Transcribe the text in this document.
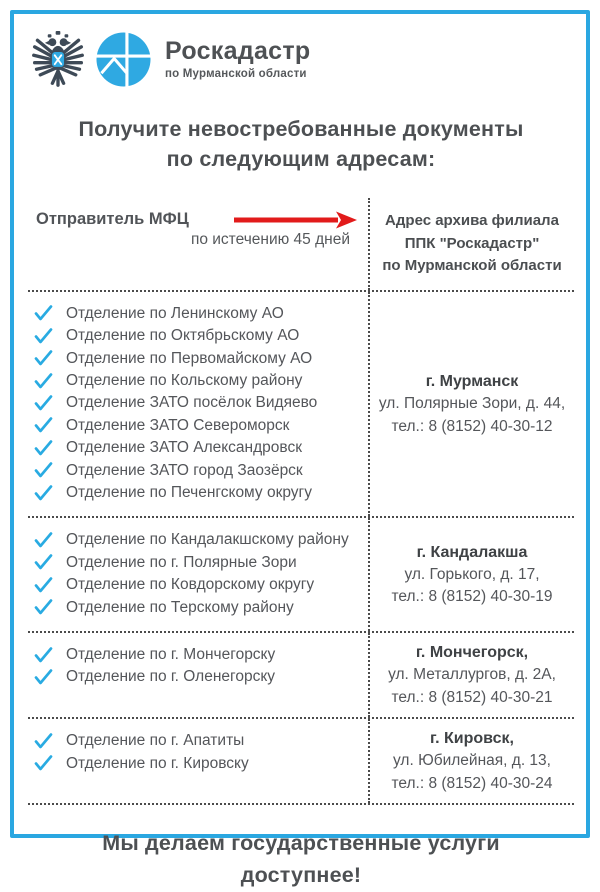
Роскадастр
по Мурманской области
Получите невостребованные документы
по следующим адресам:
Отправитель МФЦ
по истечению 45 дней
Адрес архива филиала
ППК "Роскадастр"
по Мурманской области
Отделение по Ленинскому АО
Отделение по Октябрьскому АО
Отделение по Первомайскому АО
Отделение по Кольскому району
Отделение ЗАТО посёлок Видяево
Отделение ЗАТО Североморск
Отделение ЗАТО Александровск
Отделение ЗАТО город Заозёрск
Отделение по Печенгскому округу
г. Мурманск
ул. Полярные Зори, д. 44,
тел.: 8 (8152) 40-30-12
Отделение по Кандалакшскому району
Отделение по г. Полярные Зори
Отделение по Ковдорскому округу
Отделение по Терскому району
г. Кандалакша
ул. Горького, д. 17,
тел.: 8 (8152) 40-30-19
Отделение по г. Мончегорску
Отделение по г. Оленегорску
г. Мончегорск,
ул. Металлургов, д. 2А,
тел.: 8 (8152) 40-30-21
Отделение по г. Апатиты
Отделение по г. Кировску
г. Кировск,
ул. Юбилейная, д. 13,
тел.: 8 (8152) 40-30-24
Мы делаем государственные услуги
доступнее!
